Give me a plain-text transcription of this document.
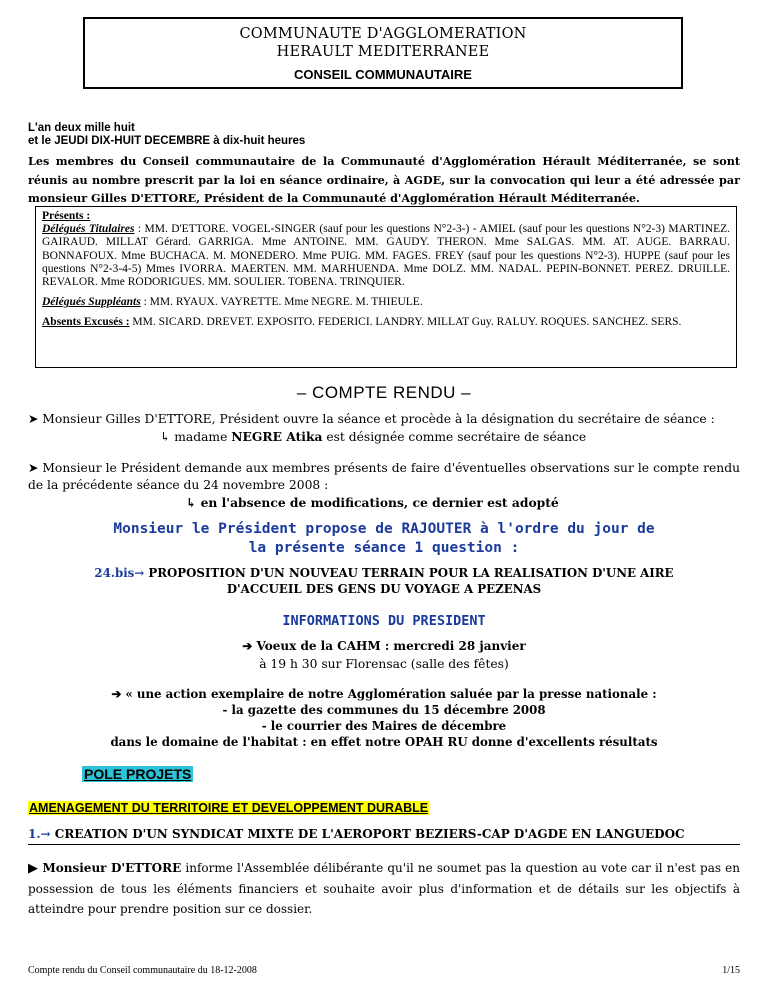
COMMUNAUTE D'AGGLOMERATION
HERAULT MEDITERRANEE
CONSEIL COMMUNAUTAIRE
L'an deux mille huit
et le JEUDI DIX-HUIT DECEMBRE à dix-huit heures
Les membres du Conseil communautaire de la Communauté d'Agglomération Hérault Méditerranée, se sont réunis au nombre prescrit par la loi en séance ordinaire, à AGDE, sur la convocation qui leur a été adressée par monsieur Gilles D'ETTORE, Président de la Communauté d'Agglomération Hérault Méditerranée.

Présents :

Délégués Titulaires : MM. D'ETTORE. VOGEL-SINGER (sauf pour les questions N°2-3-) - AMIEL (sauf pour les questions N°2-3) MARTINEZ. GAIRAUD. MILLAT Gérard. GARRIGA. Mme ANTOINE. MM. GAUDY. THERON. Mme SALGAS. MM. AT. AUGE. BARRAU. BONNAFOUX. Mme BUCHACA. M. MONEDERO. Mme PUIG. MM. FAGES. FREY (sauf pour les questions N°2-3). HUPPE (sauf pour les questions N°2-3-4-5) Mmes IVORRA. MAERTEN. MM. MARHUENDA. Mme DOLZ. MM. NADAL. PEPIN-BONNET. PEREZ. DRUILLE. REVALOR. Mme RODORIGUES. MM. SOULIER. TOBENA. TRINQUIER.

Délégués Suppléants : MM. RYAUX. VAYRETTE. Mme NEGRE. M. THIEULE.

Absents Excusés : MM. SICARD. DREVET. EXPOSITO. FEDERICI. LANDRY. MILLAT Guy. RALUY. ROQUES. SANCHEZ. SERS.

– COMPTE RENDU –
➤ Monsieur Gilles D'ETTORE, Président ouvre la séance et procède à la désignation du secrétaire de séance :
↳ madame NEGRE Atika est désignée comme secrétaire de séance
➤ Monsieur le Président demande aux membres présents de faire d'éventuelles observations sur le compte rendu de la précédente séance du 24 novembre 2008 :
↳ en l'absence de modifications, ce dernier est adopté
Monsieur le Président propose de RAJOUTER à l'ordre du jour de
la présente séance 1 question :
24.bis→ PROPOSITION D'UN NOUVEAU TERRAIN POUR LA REALISATION D'UNE AIRE
D'ACCUEIL DES GENS DU VOYAGE A PEZENAS
INFORMATIONS DU PRESIDENT
➔ Voeux de la CAHM : mercredi 28 janvier
à 19 h 30 sur Florensac (salle des fêtes)
➔ « une action exemplaire de notre Agglomération saluée par la presse nationale :
- la gazette des communes du 15 décembre 2008
- le courrier des Maires de décembre
dans le domaine de l'habitat : en effet notre OPAH RU donne d'excellents résultats
POLE PROJETS
AMENAGEMENT DU TERRITOIRE ET DEVELOPPEMENT DURABLE
1.→ CREATION D'UN SYNDICAT MIXTE DE L'AEROPORT BEZIERS-CAP D'AGDE EN LANGUEDOC
▶ Monsieur D'ETTORE informe l'Assemblée délibérante qu'il ne soumet pas la question au vote car il n'est pas en possession de tous les éléments financiers et souhaite avoir plus d'information et de détails sur les objectifs à atteindre pour prendre position sur ce dossier.
Compte rendu du Conseil communautaire du 18-12-2008	1/15
